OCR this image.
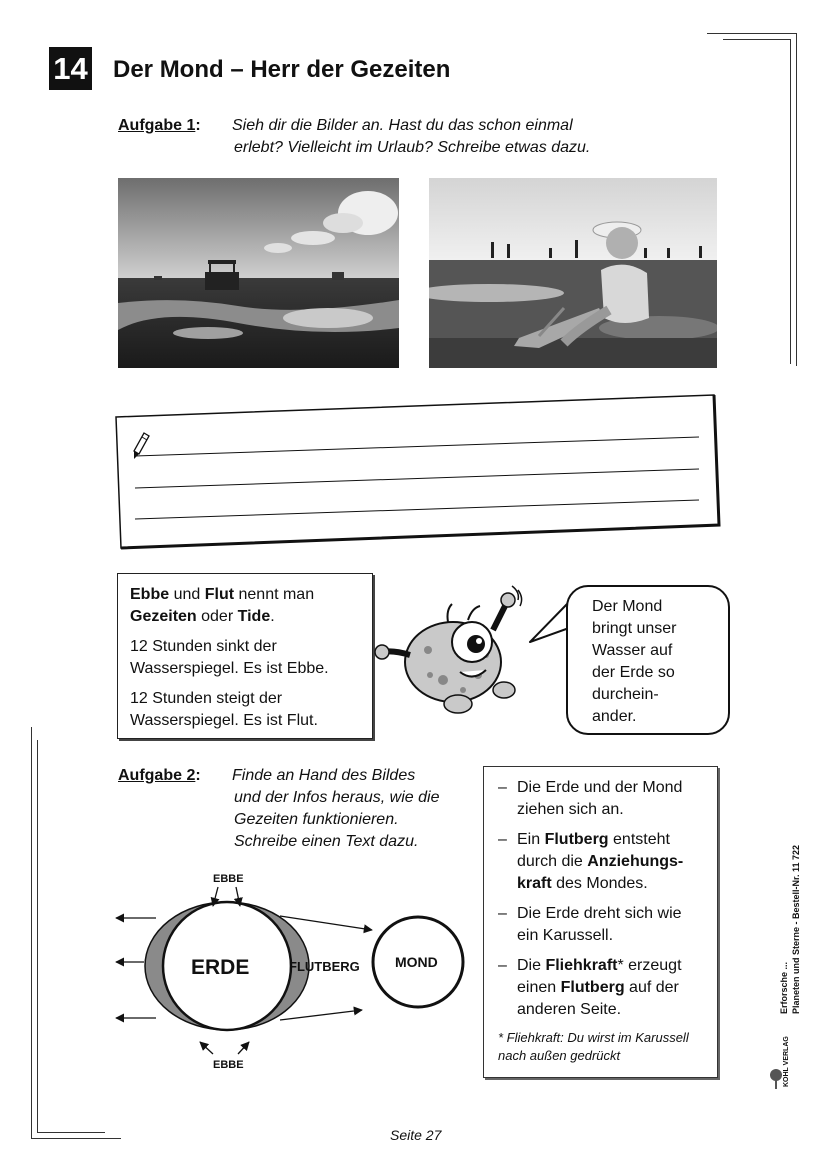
14 Der Mond – Herr der Gezeiten
Aufgabe 1: Sieh dir die Bilder an. Hast du das schon einmal
erlebt? Vielleicht im Urlaub? Schreibe etwas dazu.

Ebbe und Flut nennt man
Gezeiten oder Tide.

12 Stunden sinkt der
Wasserspiegel. Es ist Ebbe.

12 Stunden steigt der
Wasserspiegel. Es ist Flut.

Der Mond
bringt unser
Wasser auf
der Erde so
durchein-
ander.
Aufgabe 2: Finde an Hand des Bildes
und der Infos heraus, wie die
Gezeiten funktionieren.
Schreibe einen Text dazu.
EBBE
EBBE
ERDE	FLUTBERG	MOND
– Die Erde und der Mond
ziehen sich an.
– Ein Flutberg entsteht
durch die Anziehungs-
kraft des Mondes.
– Die Erde dreht sich wie
ein Karussell.
– Die Fliehkraft* erzeugt
einen Flutberg auf der
anderen Seite.
* Fliehkraft: Du wirst im Karussell
nach außen gedrückt
Erforsche ... Planeten und Sterne - Bestell-Nr. 11 722
KOHL VERLAG
Seite 27
